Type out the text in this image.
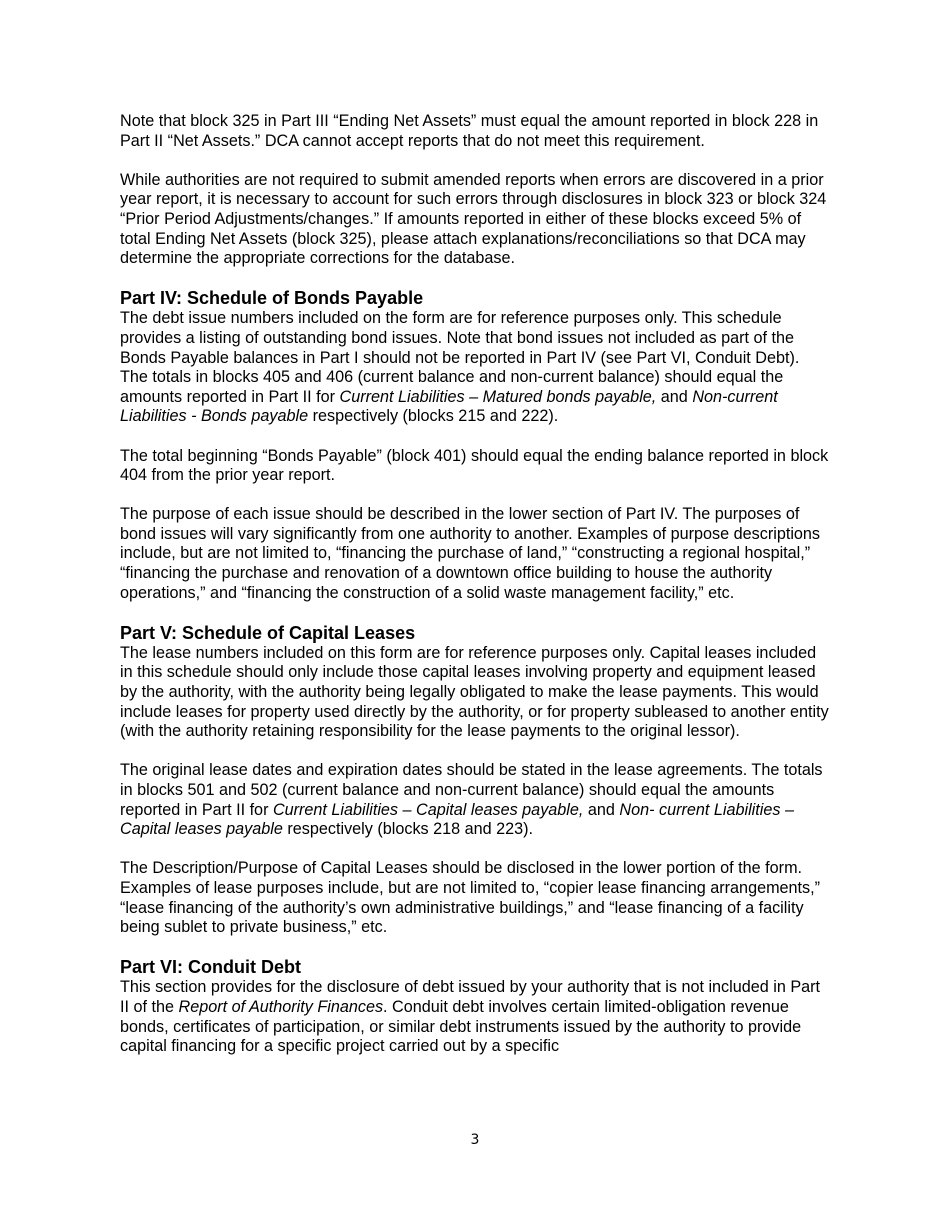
Note that block 325 in Part III “Ending Net Assets” must equal the amount reported in block 228 in Part II “Net Assets.” DCA cannot accept reports that do not meet this requirement.

While authorities are not required to submit amended reports when errors are discovered in a prior year report, it is necessary to account for such errors through disclosures in block 323 or block 324 “Prior Period Adjustments/changes.” If amounts reported in either of these blocks exceed 5% of total Ending Net Assets (block 325), please attach explanations/reconciliations so that DCA may determine the appropriate corrections for the database.

Part IV: Schedule of Bonds Payable

The debt issue numbers included on the form are for reference purposes only. This schedule provides a listing of outstanding bond issues. Note that bond issues not included as part of the Bonds Payable balances in Part I should not be reported in Part IV (see Part VI, Conduit Debt). The totals in blocks 405 and 406 (current balance and non-current balance) should equal the amounts reported in Part II for Current Liabilities – Matured bonds payable, and Non-current Liabilities - Bonds payable respectively (blocks 215 and 222).

The total beginning “Bonds Payable” (block 401) should equal the ending balance reported in block 404 from the prior year report.

The purpose of each issue should be described in the lower section of Part IV. The purposes of bond issues will vary significantly from one authority to another. Examples of purpose descriptions include, but are not limited to, “financing the purchase of land,” “constructing a regional hospital,” “financing the purchase and renovation of a downtown office building to house the authority operations,” and “financing the construction of a solid waste management facility,” etc.

Part V: Schedule of Capital Leases

The lease numbers included on this form are for reference purposes only. Capital leases included in this schedule should only include those capital leases involving property and equipment leased by the authority, with the authority being legally obligated to make the lease payments. This would include leases for property used directly by the authority, or for property subleased to another entity (with the authority retaining responsibility for the lease payments to the original lessor).

The original lease dates and expiration dates should be stated in the lease agreements. The totals in blocks 501 and 502 (current balance and non-current balance) should equal the amounts reported in Part II for Current Liabilities – Capital leases payable, and Non- current Liabilities – Capital leases payable respectively (blocks 218 and 223).

The Description/Purpose of Capital Leases should be disclosed in the lower portion of the form. Examples of lease purposes include, but are not limited to, “copier lease financing arrangements,” “lease financing of the authority’s own administrative buildings,” and “lease financing of a facility being sublet to private business,” etc.

Part VI: Conduit Debt

This section provides for the disclosure of debt issued by your authority that is not included in Part II of the Report of Authority Finances. Conduit debt involves certain limited-obligation revenue bonds, certificates of participation, or similar debt instruments issued by the authority to provide capital financing for a specific project carried out by a specific

3
